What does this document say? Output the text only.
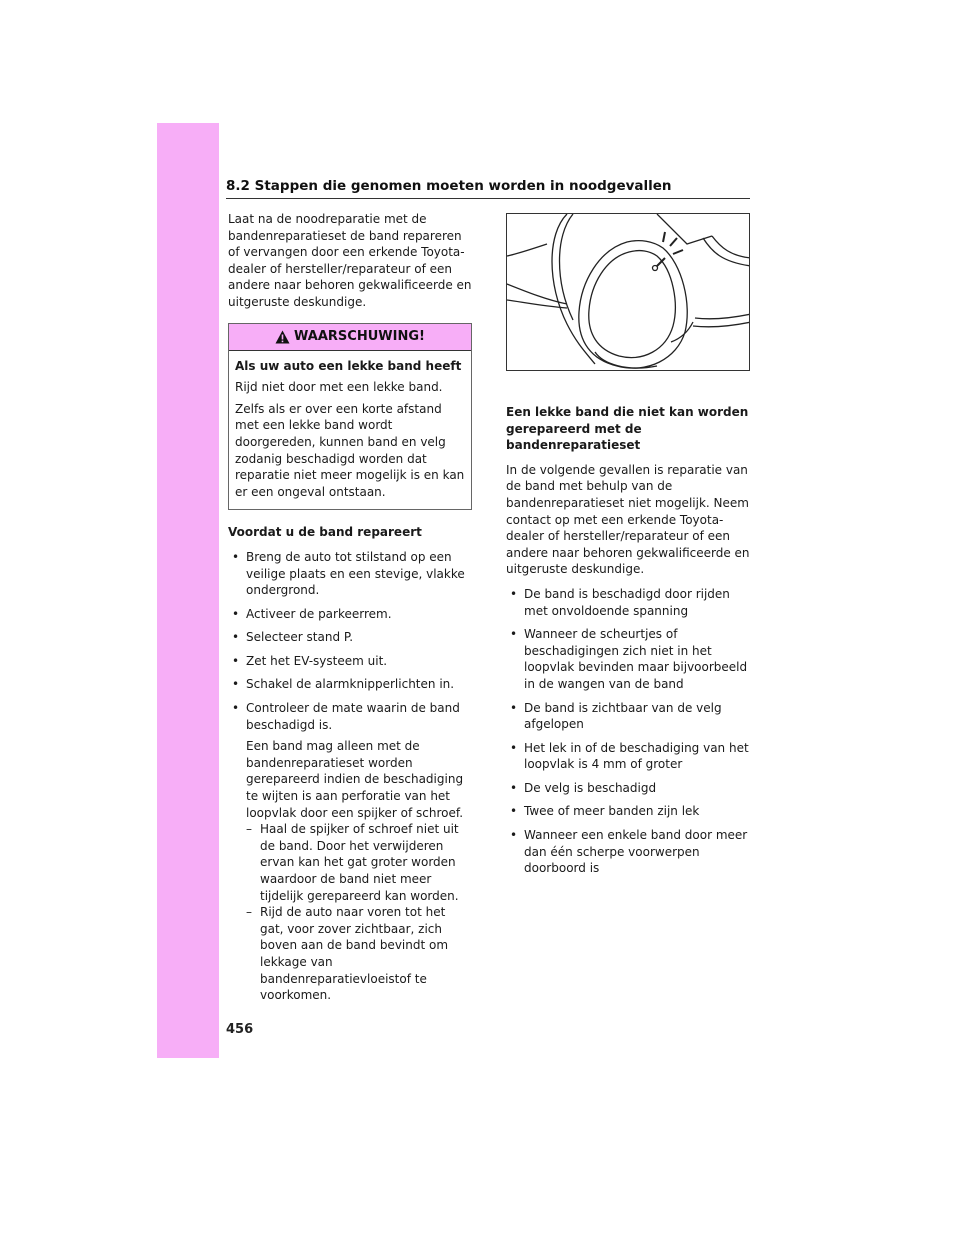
8.2 Stappen die genomen moeten worden in noodgevallen

Laat na de noodreparatie met de bandenreparatieset de band repareren of vervangen door een erkende Toyota-dealer of hersteller/reparateur of een andere naar behoren gekwalificeerde en uitgeruste deskundige.

WAARSCHUWING!

Als uw auto een lekke band heeft

Rijd niet door met een lekke band.

Zelfs als er over een korte afstand met een lekke band wordt doorgereden, kunnen band en velg zodanig beschadigd worden dat reparatie niet meer mogelijk is en kan er een ongeval ontstaan.

Voordat u de band repareert

• Breng de auto tot stilstand op een veilige plaats en een stevige, vlakke ondergrond.
• Activeer de parkeerrem.
• Selecteer stand P.
• Zet het EV-systeem uit.
• Schakel de alarmknipperlichten in.
• Controleer de mate waarin de band beschadigd is.
Een band mag alleen met de bandenreparatieset worden gerepareerd indien de beschadiging te wijten is aan perforatie van het loopvlak door een spijker of schroef.
– Haal de spijker of schroef niet uit de band. Door het verwijderen ervan kan het gat groter worden waardoor de band niet meer tijdelijk gerepareerd kan worden.
– Rijd de auto naar voren tot het gat, voor zover zichtbaar, zich boven aan de band bevindt om lekkage van bandenreparatievloeistof te voorkomen.

Een lekke band die niet kan worden gerepareerd met de bandenreparatieset

In de volgende gevallen is reparatie van de band met behulp van de bandenreparatieset niet mogelijk. Neem contact op met een erkende Toyota-dealer of hersteller/reparateur of een andere naar behoren gekwalificeerde en uitgeruste deskundige.

• De band is beschadigd door rijden met onvoldoende spanning
• Wanneer de scheurtjes of beschadigingen zich niet in het loopvlak bevinden maar bijvoorbeeld in de wangen van de band
• De band is zichtbaar van de velg afgelopen
• Het lek in of de beschadiging van het loopvlak is 4 mm of groter
• De velg is beschadigd
• Twee of meer banden zijn lek
• Wanneer een enkele band door meer dan één scherpe voorwerpen doorboord is
456
